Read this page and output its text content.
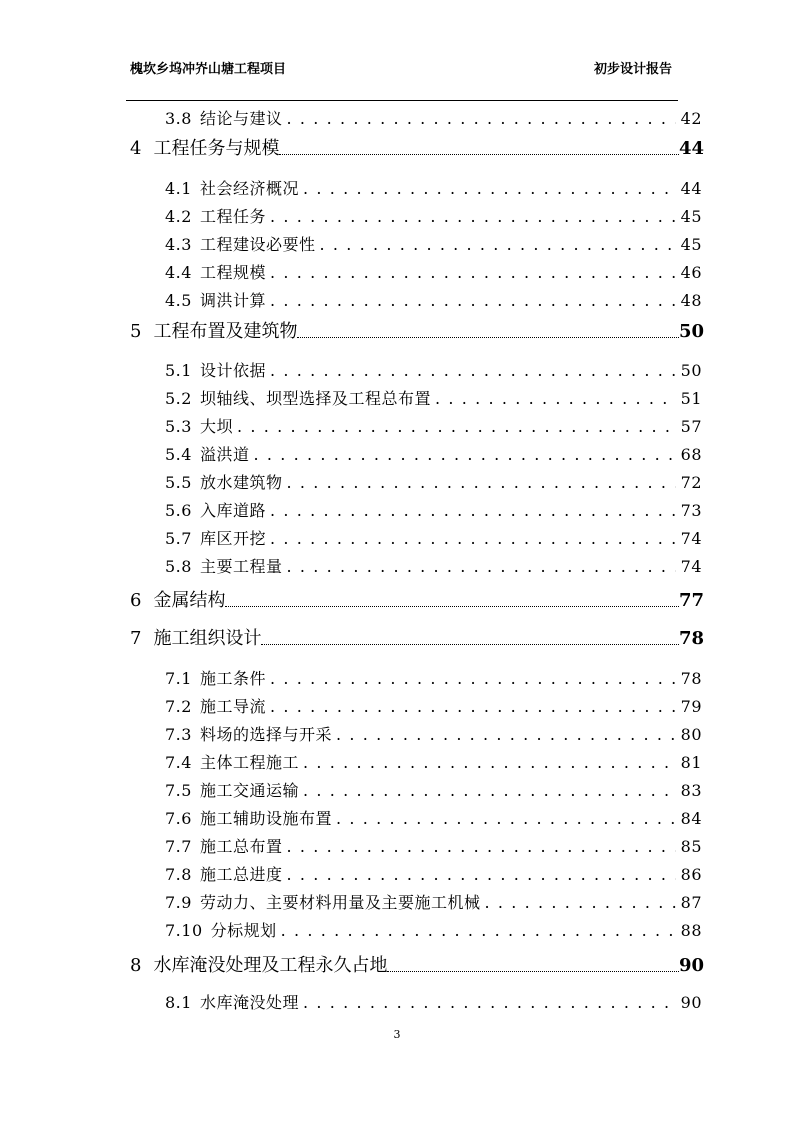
槐坎乡坞冲岕山塘工程项目	初步设计报告
3.8 结论与建议 . . .	42
4 工程任务与规模	44
4.1 社会经济概况 . . .	44
4.2 工程任务 . . .	45
4.3 工程建设必要性 . . .	45
4.4 工程规模 . . .	46
4.5 调洪计算 . . .	48
5 工程布置及建筑物	50
5.1 设计依据 . . .	50
5.2 坝轴线、坝型选择及工程总布置 . . .	51
5.3 大坝 . . .	57
5.4 溢洪道 . . .	68
5.5 放水建筑物 . . .	72
5.6 入库道路 . . .	73
5.7 库区开挖 . . .	74
5.8 主要工程量 . . .	74
6 金属结构	77
7 施工组织设计	78
7.1 施工条件 . . .	78
7.2 施工导流 . . .	79
7.3 料场的选择与开采 . . .	80
7.4 主体工程施工 . . .	81
7.5 施工交通运输 . . .	83
7.6 施工辅助设施布置 . . .	84
7.7 施工总布置 . . .	85
7.8 施工总进度 . . .	86
7.9 劳动力、主要材料用量及主要施工机械 . . .	87
7.10 分标规划 . . .	88
8 水库淹没处理及工程永久占地	90
8.1 水库淹没处理 . . .	90
3
